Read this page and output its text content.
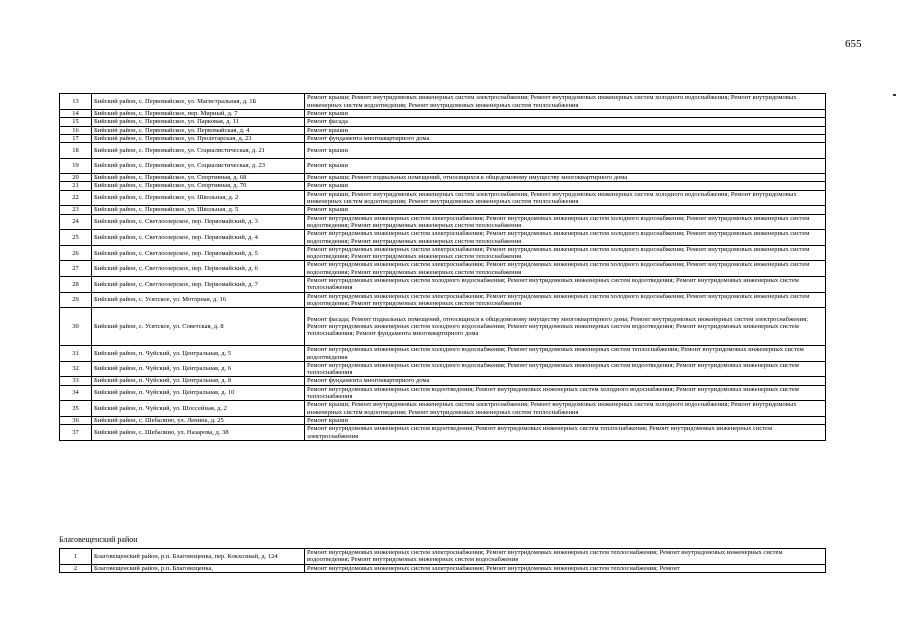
655
13	Бийский район, с. Первомайское, ул. Магистральная, д. 1Б	Ремонт крыши; Ремонт внутридомовых инженерных систем электроснабжения; Ремонт внутридомовых инженерных систем холодного водоснабжения; Ремонт внутридомовых инженерных систем водоотведения; Ремонт внутридомовых инженерных систем теплоснабжения
14	Бийский район, с. Первомайское, пер. Мирный, д. 7	Ремонт крыши
15	Бийский район, с. Первомайское, ул. Парковая, д. 11	Ремонт фасада
16	Бийский район, с. Первомайское, ул. Первомайская, д. 4	Ремонт крыши
17	Бийский район, с. Первомайское, ул. Пролетарская, д. 23	Ремонт фундамента многоквартирного дома
18	Бийский район, с. Первомайское, ул. Социалистическая, д. 21	Ремонт крыши
19	Бийский район, с. Первомайское, ул. Социалистическая, д. 23	Ремонт крыши
20	Бийский район, с. Первомайское, ул. Спортивная, д. 68	Ремонт крыши; Ремонт подвальных помещений, относящихся к общедомовому имуществу многоквартирного дома
21	Бийский район, с. Первомайское, ул. Спортивная, д. 70	Ремонт крыши
22	Бийский район, с. Первомайское, ул. Школьная, д. 2	Ремонт крыши; Ремонт внутридомовых инженерных систем электроснабжения; Ремонт внутридомовых инженерных систем холодного водоснабжения; Ремонт внутридомовых инженерных систем водоотведения; Ремонт внутридомовых инженерных систем теплоснабжения
23	Бийский район, с. Первомайское, ул. Школьная, д. 5	Ремонт крыши
24	Бийский район, с. Светлоозерское, пер. Первомайский, д. 3	Ремонт внутридомовых инженерных систем электроснабжения; Ремонт внутридомовых инженерных систем холодного водоснабжения; Ремонт внутридомовых инженерных систем водоотведения; Ремонт внутридомовых инженерных систем теплоснабжения
25	Бийский район, с. Светлоозерское, пер. Первомайский, д. 4	Ремонт внутридомовых инженерных систем электроснабжения; Ремонт внутридомовых инженерных систем холодного водоснабжения; Ремонт внутридомовых инженерных систем водоотведения; Ремонт внутридомовых инженерных систем теплоснабжения
26	Бийский район, с. Светлоозерское, пер. Первомайский, д. 5	Ремонт внутридомовых инженерных систем электроснабжения; Ремонт внутридомовых инженерных систем холодного водоснабжения; Ремонт внутридомовых инженерных систем водоотведения; Ремонт внутридомовых инженерных систем теплоснабжения
27	Бийский район, с. Светлоозерское, пер. Первомайский, д. 6	Ремонт внутридомовых инженерных систем электроснабжения; Ремонт внутридомовых инженерных систем холодного водоснабжения; Ремонт внутридомовых инженерных систем водоотведения; Ремонт внутридомовых инженерных систем теплоснабжения
28	Бийский район, с. Светлоозерское, пер. Первомайский, д. 7	Ремонт внутридомовых инженерных систем холодного водоснабжения; Ремонт внутридомовых инженерных систем водоотведения; Ремонт внутридомовых инженерных систем теплоснабжения
29	Бийский район, с. Усятское, ул. Моторная, д. 16	Ремонт внутридомовых инженерных систем электроснабжения; Ремонт внутридомовых инженерных систем холодного водоснабжения; Ремонт внутридомовых инженерных систем водоотведения; Ремонт внутридомовых инженерных систем теплоснабжения
30	Бийский район, с. Усятское, ул. Советская, д. 8	Ремонт фасада; Ремонт подвальных помещений, относящихся к общедомовому имуществу многоквартирного дома; Ремонт внутридомовых инженерных систем электроснабжения; Ремонт внутридомовых инженерных систем холодного водоснабжения; Ремонт внутридомовых инженерных систем водоотведения; Ремонт внутридомовых инженерных систем теплоснабжения; Ремонт фундамента многоквартирного дома
31	Бийский район, п. Чуйский, ул. Центральная, д. 5	Ремонт внутридомовых инженерных систем холодного водоснабжения; Ремонт внутридомовых инженерных систем теплоснабжения; Ремонт внутридомовых инженерных систем водоотведения
32	Бийский район, п. Чуйский, ул. Центральная, д. 6	Ремонт внутридомовых инженерных систем холодного водоснабжения; Ремонт внутридомовых инженерных систем водоотведения; Ремонт внутридомовых инженерных систем теплоснабжения
33	Бийский район, п. Чуйский, ул. Центральная, д. 8	Ремонт фундамента многоквартирного дома
34	Бийский район, п. Чуйский, ул. Центральная, д. 10	Ремонт внутридомовых инженерных систем водоотведения; Ремонт внутридомовых инженерных систем холодного водоснабжения; Ремонт внутридомовых инженерных систем теплоснабжения
35	Бийский район, п. Чуйский, ул. Шоссейная, д. 2	Ремонт крыши; Ремонт внутридомовых инженерных систем электроснабжения; Ремонт внутридомовых инженерных систем холодного водоснабжения; Ремонт внутридомовых инженерных систем водоотведения; Ремонт внутридомовых инженерных систем теплоснабжения
36	Бийский район, с. Шебалино, ул. Ленина, д. 25	Ремонт крыши
37	Бийский район, с. Шебалино, ул. Назарова, д. 38	Ремонт внутридомовых инженерных систем водоотведения; Ремонт внутридомовых инженерных систем теплоснабжения; Ремонт внутридомовых инженерных систем электроснабжения
Благовещенский район
1	Благовещенский район, р.п. Благовещенка, пер. Кокхозный, д. 124	Ремонт внутридомовых инженерных систем электроснабжения; Ремонт внутридомовых инженерных систем теплоснабжения; Ремонт внутридомовых инженерных систем водоотведения; Ремонт внутридомовых инженерных систем водоснабжения
2	Благовещенский район, р.п. Благовещенка,	Ремонт внутридомовых инженерных систем электроснабжения; Ремонт внутридомовых инженерных систем теплоснабжения; Ремонт
